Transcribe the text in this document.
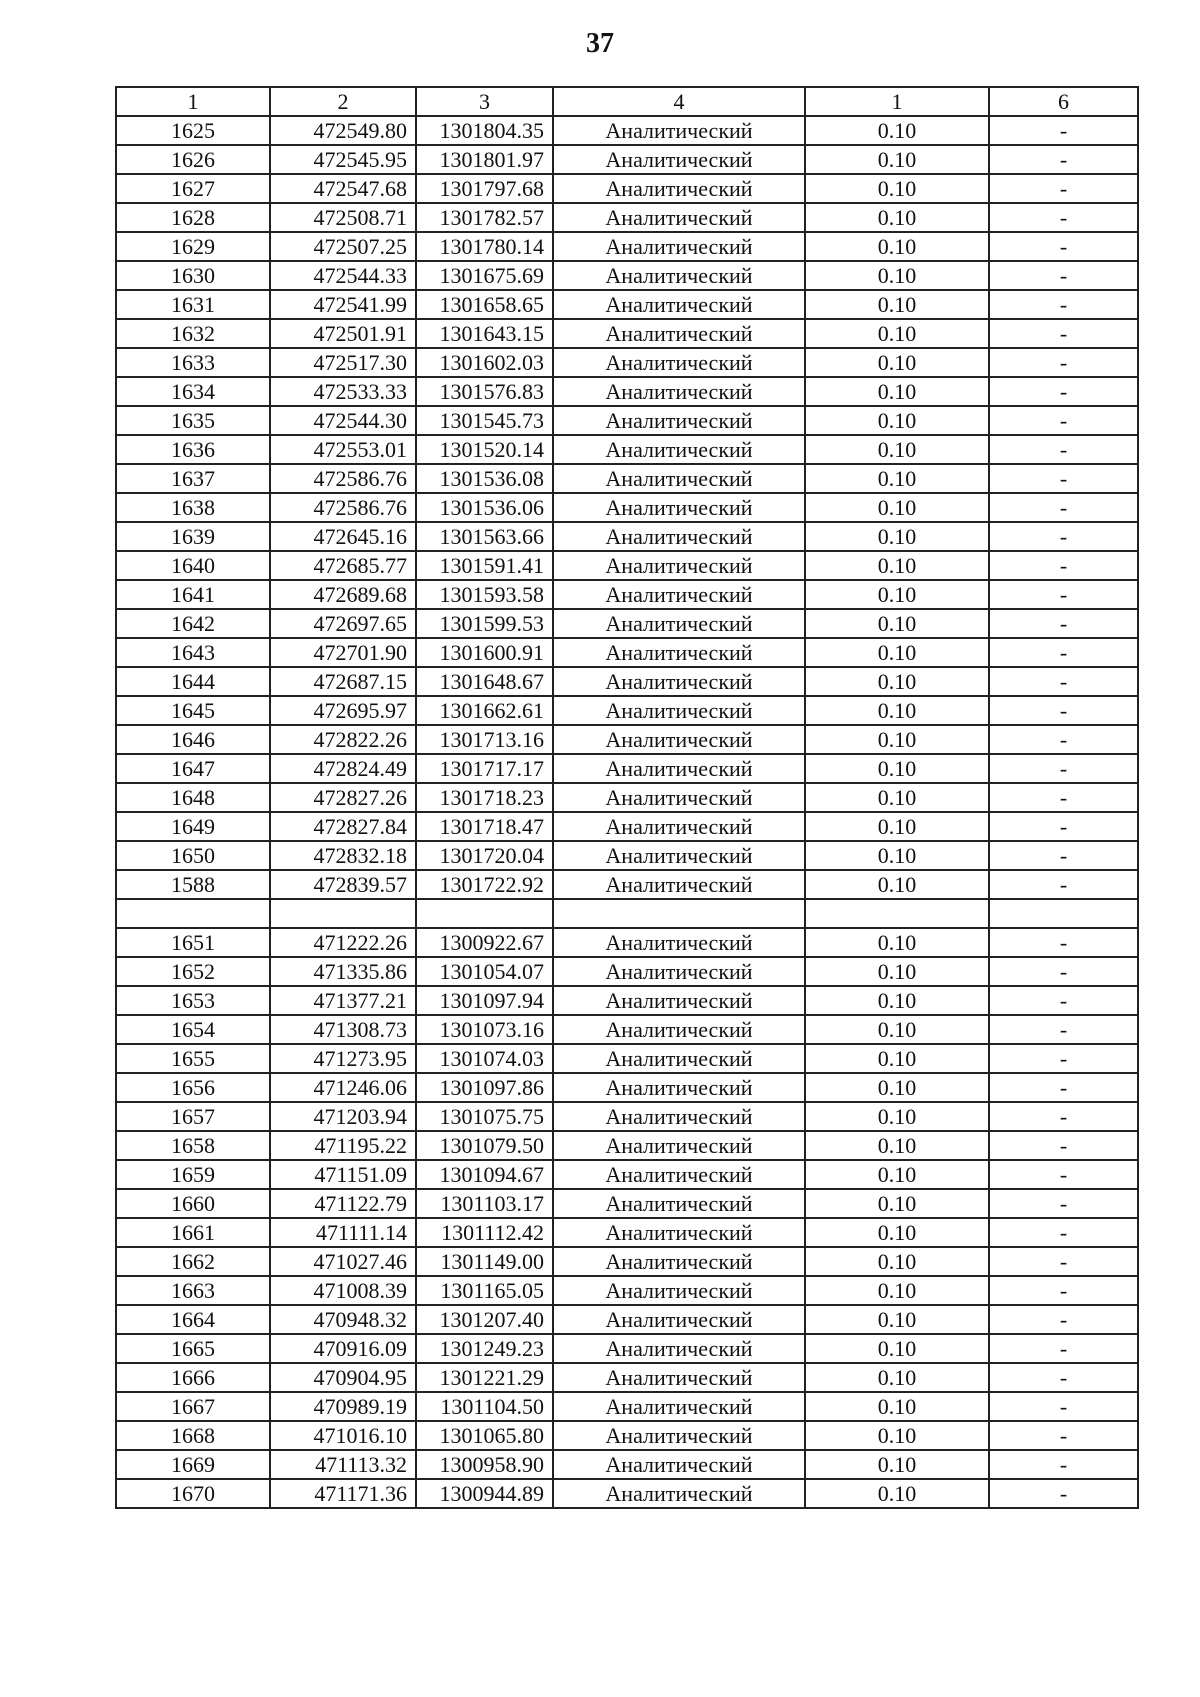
37
1	2	3	4	1	6
1625	472549.80	1301804.35	Аналитический	0.10	-
1626	472545.95	1301801.97	Аналитический	0.10	-
1627	472547.68	1301797.68	Аналитический	0.10	-
1628	472508.71	1301782.57	Аналитический	0.10	-
1629	472507.25	1301780.14	Аналитический	0.10	-
1630	472544.33	1301675.69	Аналитический	0.10	-
1631	472541.99	1301658.65	Аналитический	0.10	-
1632	472501.91	1301643.15	Аналитический	0.10	-
1633	472517.30	1301602.03	Аналитический	0.10	-
1634	472533.33	1301576.83	Аналитический	0.10	-
1635	472544.30	1301545.73	Аналитический	0.10	-
1636	472553.01	1301520.14	Аналитический	0.10	-
1637	472586.76	1301536.08	Аналитический	0.10	-
1638	472586.76	1301536.06	Аналитический	0.10	-
1639	472645.16	1301563.66	Аналитический	0.10	-
1640	472685.77	1301591.41	Аналитический	0.10	-
1641	472689.68	1301593.58	Аналитический	0.10	-
1642	472697.65	1301599.53	Аналитический	0.10	-
1643	472701.90	1301600.91	Аналитический	0.10	-
1644	472687.15	1301648.67	Аналитический	0.10	-
1645	472695.97	1301662.61	Аналитический	0.10	-
1646	472822.26	1301713.16	Аналитический	0.10	-
1647	472824.49	1301717.17	Аналитический	0.10	-
1648	472827.26	1301718.23	Аналитический	0.10	-
1649	472827.84	1301718.47	Аналитический	0.10	-
1650	472832.18	1301720.04	Аналитический	0.10	-
1588	472839.57	1301722.92	Аналитический	0.10	-

1651	471222.26	1300922.67	Аналитический	0.10	-
1652	471335.86	1301054.07	Аналитический	0.10	-
1653	471377.21	1301097.94	Аналитический	0.10	-
1654	471308.73	1301073.16	Аналитический	0.10	-
1655	471273.95	1301074.03	Аналитический	0.10	-
1656	471246.06	1301097.86	Аналитический	0.10	-
1657	471203.94	1301075.75	Аналитический	0.10	-
1658	471195.22	1301079.50	Аналитический	0.10	-
1659	471151.09	1301094.67	Аналитический	0.10	-
1660	471122.79	1301103.17	Аналитический	0.10	-
1661	471111.14	1301112.42	Аналитический	0.10	-
1662	471027.46	1301149.00	Аналитический	0.10	-
1663	471008.39	1301165.05	Аналитический	0.10	-
1664	470948.32	1301207.40	Аналитический	0.10	-
1665	470916.09	1301249.23	Аналитический	0.10	-
1666	470904.95	1301221.29	Аналитический	0.10	-
1667	470989.19	1301104.50	Аналитический	0.10	-
1668	471016.10	1301065.80	Аналитический	0.10	-
1669	471113.32	1300958.90	Аналитический	0.10	-
1670	471171.36	1300944.89	Аналитический	0.10	-
